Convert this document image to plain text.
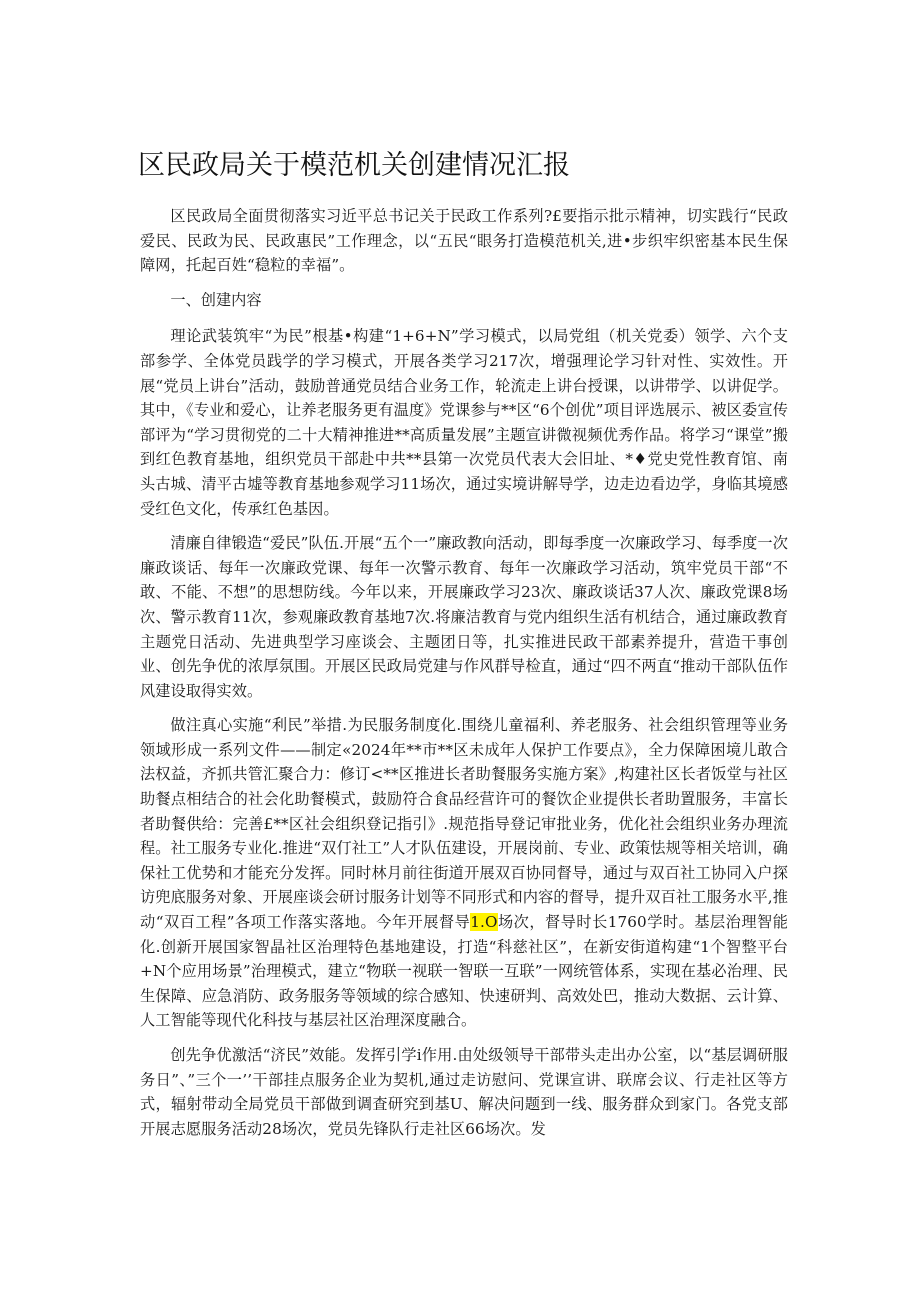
区民政局关于模范机关创建情况汇报

区民政局全面贯彻落实习近平总书记关于民政工作系列?£要指示批示精神，切实践行“民政爱民、民政为民、民政惠民”工作理念，以“五民“眼务打造模范机关,进•步织牢织密基本民生保障网，托起百姓“稳粒的幸福”。

一、创建内容

理论武装筑牢“为民”根基•构建“1+6+N”学习模式，以局党组（机关党委）领学、六个支部参学、全体党员践学的学习模式，开展各类学习217次，增强理论学习针对性、实效性。开展“党员上讲台”活动，鼓励普通党员结合业务工作，轮流走上讲台授课，以讲带学、以讲促学。其中，《专业和爱心，让养老服务更有温度》党课参与**区“6个创优”项目评选展示、被区委宣传部评为“学习贯彻党的二十大精神推进**高质量发展”主题宣讲微视频优秀作品。将学习“课堂”搬到红色教育基地，组织党员干部赴中共**县第一次党员代表大会旧址、*♦党史党性教育馆、南头古城、清平古墟等教育基地参观学习11场次，通过实境讲解导学，边走边看边学，身临其境感受红色文化，传承红色基因。

清廉自律锻造“爱民”队伍.开展“五个一”廉政教向活动，即每季度一次廉政学习、每季度一次廉政谈话、每年一次廉政党课、每年一次警示教育、每年一次廉政学习活动，筑牢党员干部“不敢、不能、不想”的思想防线。今年以来，开展廉政学习23次、廉政谈话37人次、廉政党课8场次、警示教育11次，参观廉政教育基地7次.将廉洁教育与党内组织生活有机结合，通过廉政教育主题党日活动、先进典型学习座谈会、主题团日等，扎实推进民政干部素养提升，营造干事创业、创先争优的浓厚氛围。开展区民政局党建与作风群导检直，通过“四不两直“推动干部队伍作风建设取得实效。

做注真心实施“利民”举措.为民服务制度化.围绕儿童福利、养老服务、社会组织管理等业务领域形成一系列文件——制定«2024年**市**区未成年人保护工作要点》，全力保障困境儿敢合法权益，齐抓共管汇聚合力：修订<**区推进长者助餐服务实施方案》,构建社区长者饭堂与社区助餐点相结合的社会化助餐模式，鼓励符合食品经营许可的餐饮企业提供长者助置服务，丰富长者助餐供给：完善£**区社会组织登记指引》.规范指导登记审批业务，优化社会组织业务办理流程。社工服务专业化.推进“双仃社工”人才队伍建设，开展岗前、专业、政策怯规等相关培训，确保社工优势和才能充分发挥。同时林月前往街道开展双百协同督导，通过与双百社工协同入户探访兜底服务对象、开展座谈会研讨服务计划等不同形式和内容的督导，提升双百社工服务水平,推动“双百工程”各项工作落实落地。今年开展督导1.O场次，督导时长1760学时。基层治理智能化.创新开展国家智晶社区治理特色基地建设，打造“科慈社区”，在新安街道构建“1个智整平台+N个应用场景”治理模式，建立“物联一视联一智联一互联”一网统管体系，实现在基必治理、民生保障、应急消防、政务服务等领域的综合感知、快速研判、高效处巴，推动大数据、云计算、人工智能等现代化科技与基层社区治理深度融合。

创先争优激活“济民”效能。发挥引学i作用.由处级领导干部带头走出办公室，以“基层调研服务日”、”三个一’’干部挂点服务企业为契机,通过走访慰问、党课宣讲、联席会议、行走社区等方式，辐射带动全局党员干部做到调査研究到基U、解决问题到一线、服务群众到家门。各党支部开展志愿服务活动28场次，党员先锋队行走社区66场次。发
